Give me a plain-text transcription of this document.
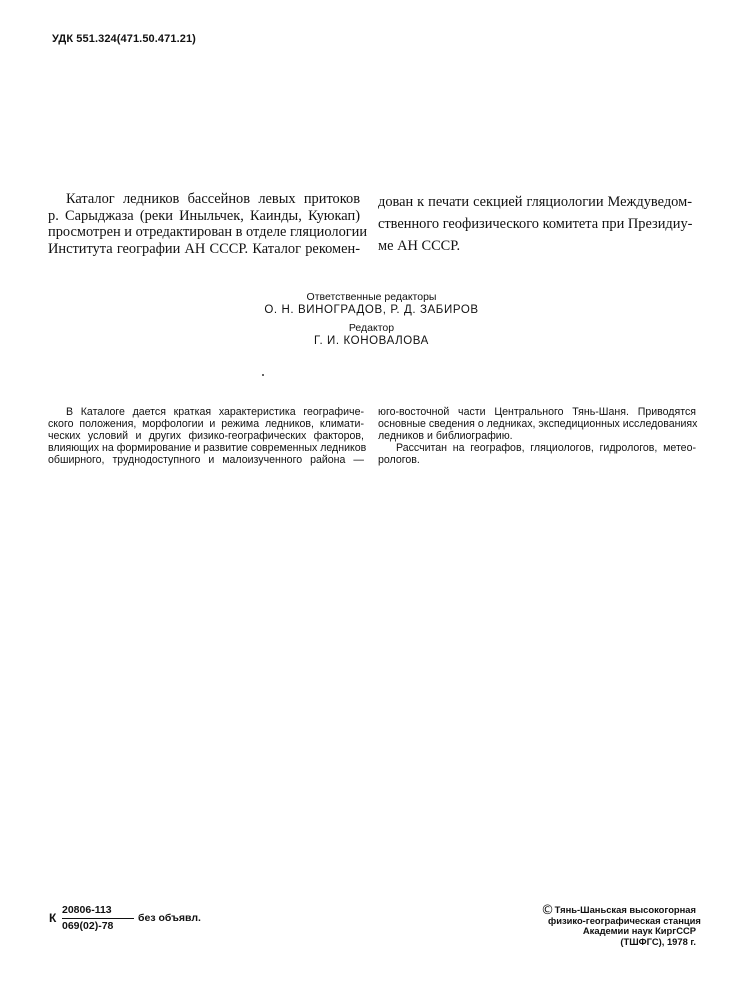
УДК 551.324(471.50.471.21)
Каталог ледников бассейнов левых притоков
р. Сарыджаза (реки Иныльчек, Каинды, Куюкап)
просмотрен и отредактирован в отделе гляциологии
Института географии АН СССР. Каталог рекомен-
дован к печати секцией гляциологии Междуведом-
ственного геофизического комитета при Президиу-
ме АН СССР.
Ответственные редакторы
О. Н. ВИНОГРАДОВ, Р. Д. ЗАБИРОВ
Редактор
Г. И. КОНОВАЛОВА
В Каталоге дается краткая характеристика географиче-
ского положения, морфологии и режима ледников, климати-
ческих условий и других физико-географических факторов,
влияющих на формирование и развитие современных ледников
обширного, труднодоступного и малоизученного района —
юго-восточной части Центрального Тянь-Шаня. Приводятся
основные сведения о ледниках, экспедиционных исследованиях
ледников и библиографию.
Рассчитан на географов, гляциологов, гидрологов, метео-
рологов.
К
20806-113
069(02)-78
без объявл.	© Тянь-Шаньская высокогорная
физико-географическая станция
Академии наук КиргССР
(ТШФГС), 1978 г.
